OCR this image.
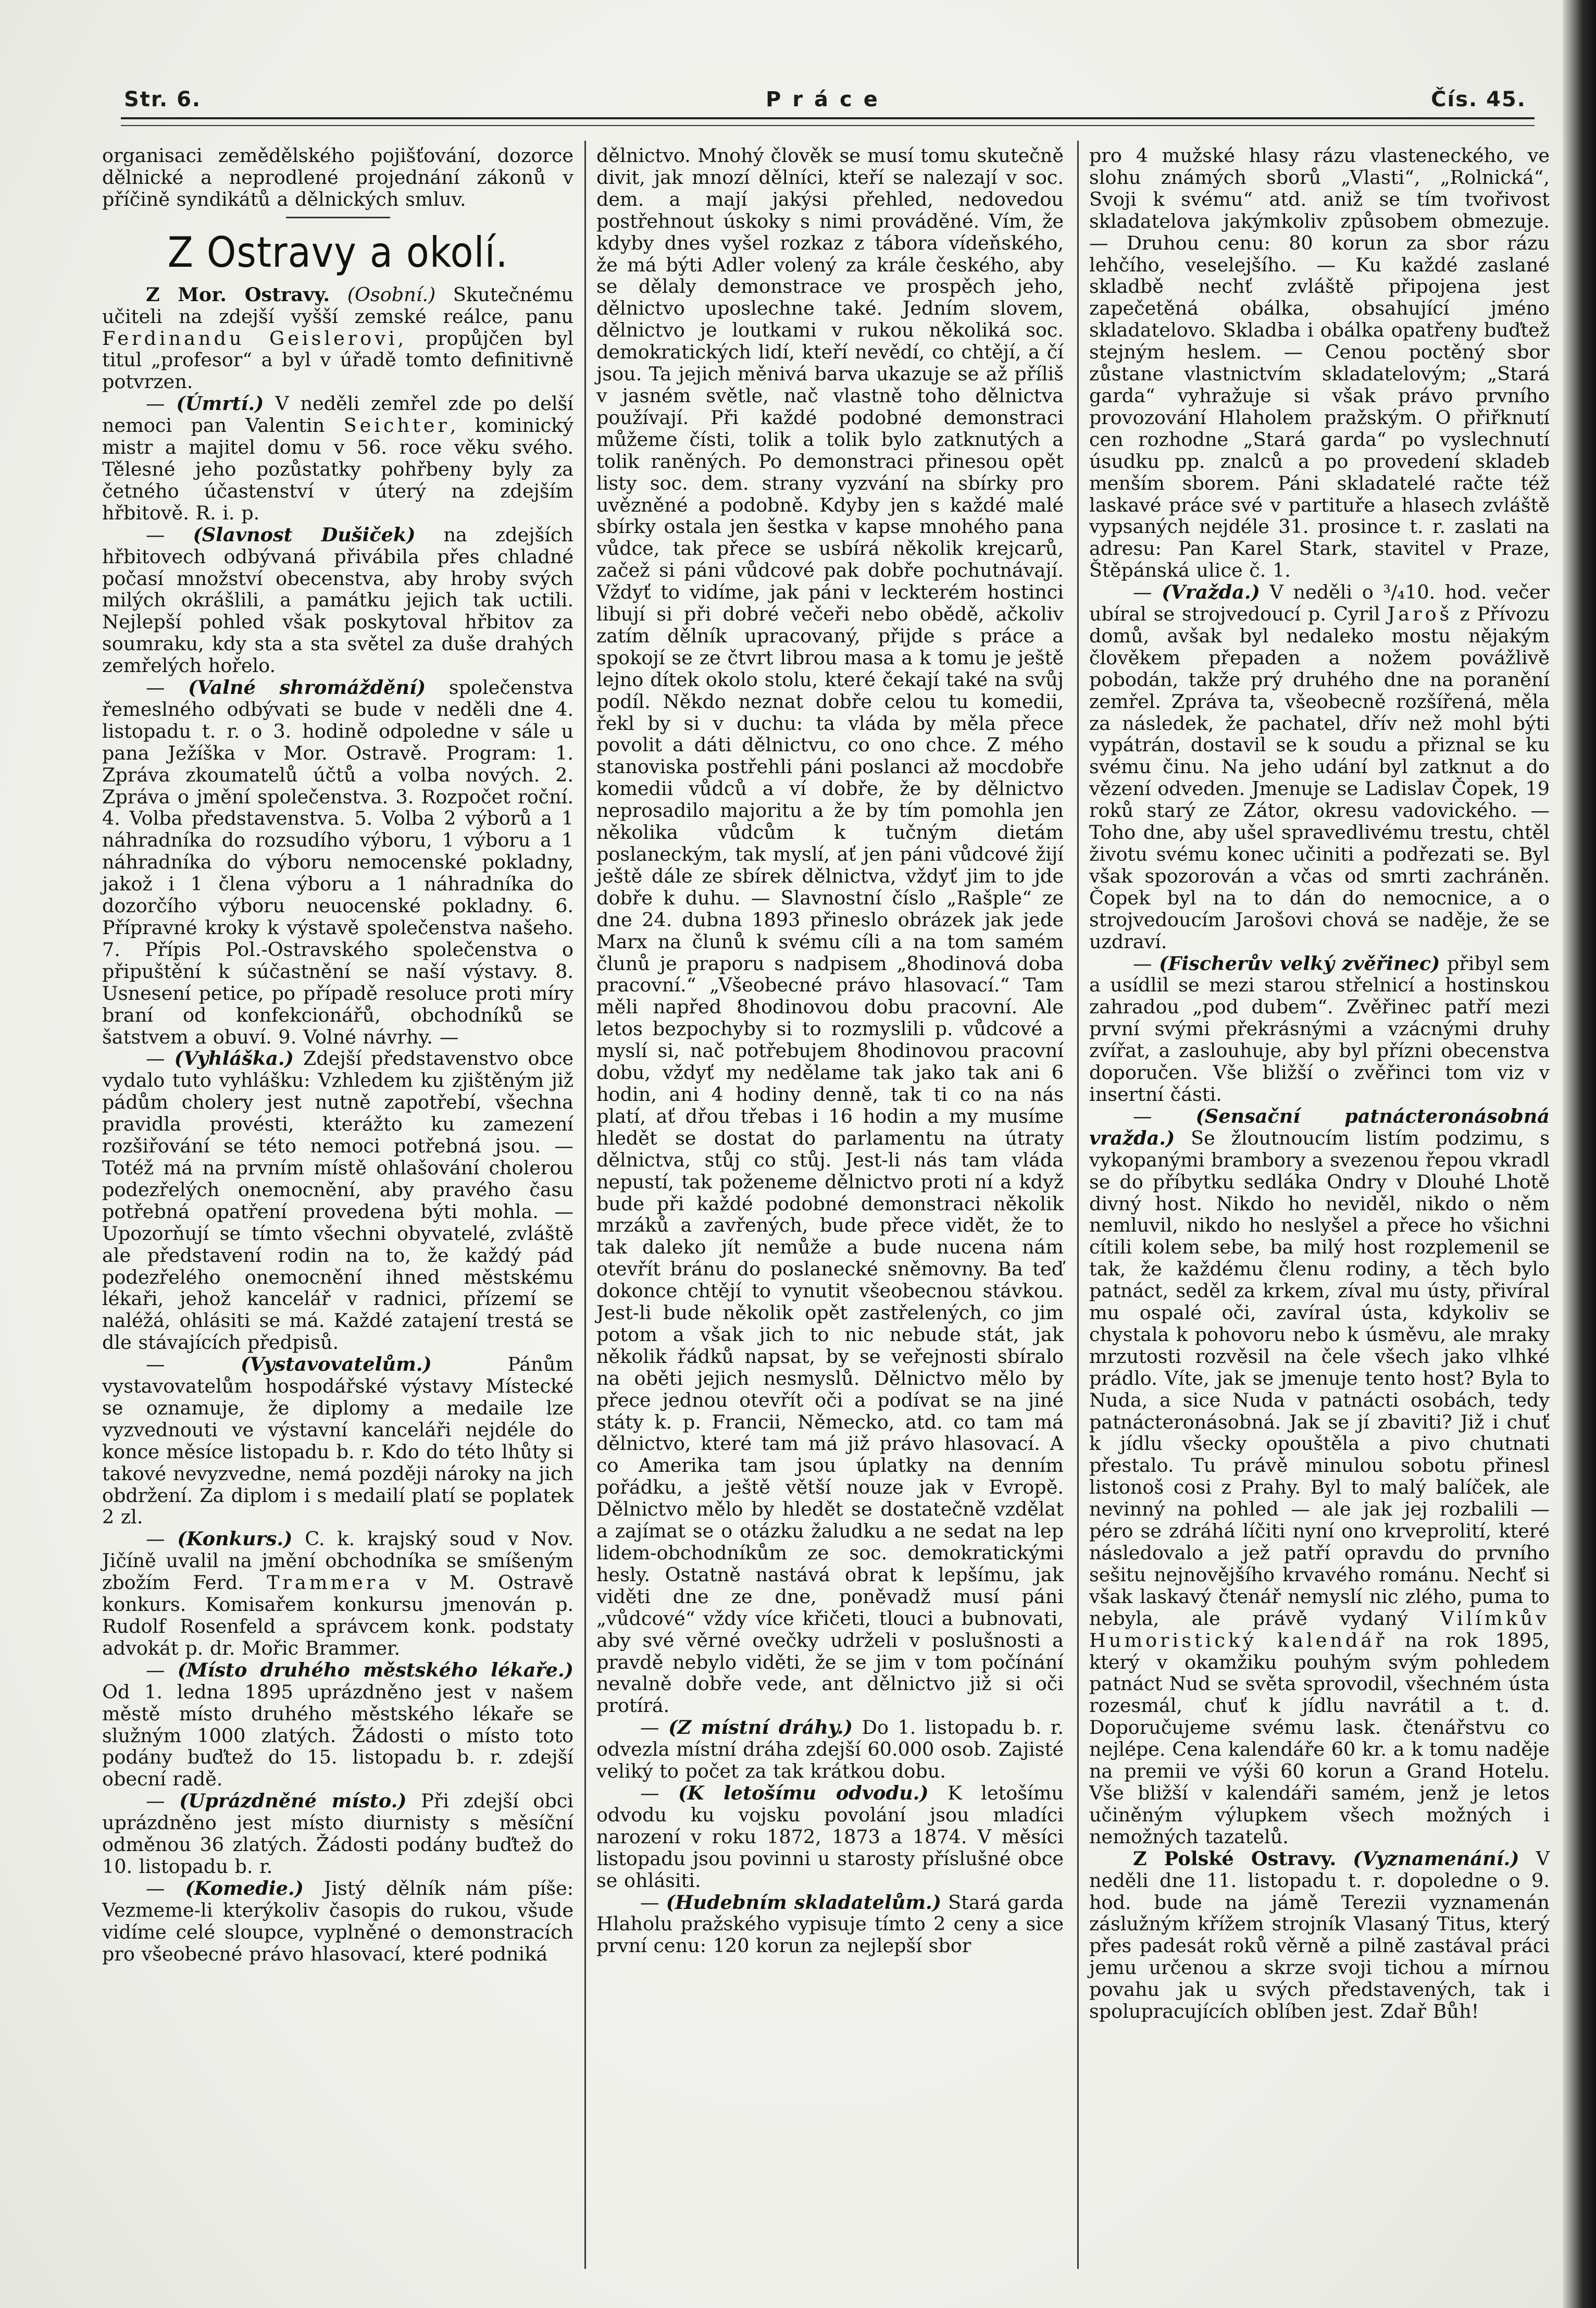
Str. 6.	Práce	Čís. 45.

organisaci zemědělského pojišťování, dozorce dělnické a neprodlené projednání zákonů v příčině syndikátů a dělnických smluv.

Z Ostravy a okolí.

Z Mor. Ostravy. (Osobní.) Skutečnému učiteli na zdejší vyšší zemské reálce, panu Ferdinandu Geislerovi, propůjčen byl titul „profesor“ a byl v úřadě tomto definitivně potvrzen.

— (Úmrtí.) V neděli zemřel zde po delší nemoci pan Valentin Seichter, kominický mistr a majitel domu v 56. roce věku svého. Tělesné jeho pozůstatky pohřbeny byly za četného účastenství v úterý na zdejším hřbitově. R. i. p.

— (Slavnost Dušiček) na zdejších hřbitovech odbývaná přivábila přes chladné počasí množství obecenstva, aby hroby svých milých okrášlili, a památku jejich tak uctili. Nejlepší pohled však poskytoval hřbitov za soumraku, kdy sta a sta světel za duše drahých zemřelých hořelo.

— (Valné shromáždění) společenstva řemeslného odbývati se bude v neděli dne 4. listopadu t. r. o 3. hodině odpoledne v sále u pana Ježíška v Mor. Ostravě. Program: 1. Zpráva zkoumatelů účtů a volba nových. 2. Zpráva o jmění společenstva. 3. Rozpočet roční. 4. Volba představenstva. 5. Volba 2 výborů a 1 náhradníka do rozsudího výboru, 1 výboru a 1 náhradníka do výboru nemocenské pokladny, jakož i 1 člena výboru a 1 náhradníka do dozorčího výboru neuocenské pokladny. 6. Přípravné kroky k výstavě společenstva našeho. 7. Přípis Pol.-Ostravského společenstva o připuštění k súčastnění se naší výstavy. 8. Usnesení petice, po případě resoluce proti míry braní od konfekcionářů, obchodníků se šatstvem a obuví. 9. Volné návrhy. —

— (Vyhláška.) Zdejší představenstvo obce vydalo tuto vyhlášku: Vzhledem ku zjištěným již pádům cholery jest nutně zapotřebí, všechna pravidla provésti, kterážto ku zamezení rozšiřování se této nemoci potřebná jsou. — Totéž má na prvním místě ohlašování cholerou podezřelých onemocnění, aby pravého času potřebná opatření provedena býti mohla. — Upozorňují se tímto všechni obyvatelé, zvláště ale představení rodin na to, že každý pád podezřelého onemocnění ihned městskému lékaři, jehož kancelář v radnici, přízemí se naléžá, ohlásiti se má. Každé zatajení trestá se dle stávajících předpisů.

— (Vystavovatelům.) Pánům vystavovatelům hospodářské výstavy Místecké se oznamuje, že diplomy a medaile lze vyzvednouti ve výstavní kanceláři nejdéle do konce měsíce listopadu b. r. Kdo do této lhůty si takové nevyzvedne, nemá později nároky na jich obdržení. Za diplom i s medailí platí se poplatek 2 zl.

— (Konkurs.) C. k. krajský soud v Nov. Jičíně uvalil na jmění obchodníka se smíšeným zbožím Ferd. Trammera v M. Ostravě konkurs. Komisařem konkursu jmenován p. Rudolf Rosenfeld a správcem konk. podstaty advokát p. dr. Mořic Brammer.

— (Místo druhého městského lékaře.) Od 1. ledna 1895 uprázdněno jest v našem městě místo druhého městského lékaře se služným 1000 zlatých. Žádosti o místo toto podány buďtež do 15. listopadu b. r. zdejší obecní radě.

— (Uprázdněné místo.) Při zdejší obci uprázdněno jest místo diurnisty s měsíční odměnou 36 zlatých. Žádosti podány buďtež do 10. listopadu b. r.

— (Komedie.) Jistý dělník nám píše: Vezmeme-li kterýkoliv časopis do rukou, všude vidíme celé sloupce, vyplněné o demonstracích pro všeobecné právo hlasovací, které podniká

dělnictvo. Mnohý člověk se musí tomu skutečně divit, jak mnozí dělníci, kteří se nalezají v soc. dem. a mají jakýsi přehled, nedovedou postřehnout úskoky s nimi prováděné. Vím, že kdyby dnes vyšel rozkaz z tábora vídeňského, že má býti Adler volený za krále českého, aby se dělaly demonstrace ve prospěch jeho, dělnictvo uposlechne také. Jedním slovem, dělnictvo je loutkami v rukou několiká soc. demokratických lidí, kteří nevědí, co chtějí, a čí jsou. Ta jejich měnivá barva ukazuje se až příliš v jasném světle, nač vlastně toho dělnictva používají. Při každé podobné demonstraci můžeme čísti, tolik a tolik bylo zatknutých a tolik raněných. Po demonstraci přinesou opět listy soc. dem. strany vyzvání na sbírky pro uvězněné a podobně. Kdyby jen s každé malé sbírky ostala jen šestka v kapse mnohého pana vůdce, tak přece se usbírá několik krejcarů, začež si páni vůdcové pak dobře pochutnávají. Vždyť to vidíme, jak páni v leckterém hostinci libují si při dobré večeři nebo obědě, ačkoliv zatím dělník upracovaný, přijde s práce a spokojí se ze čtvrt librou masa a k tomu je ještě lejno dítek okolo stolu, které čekají také na svůj podíl. Někdo neznat dobře celou tu komedii, řekl by si v duchu: ta vláda by měla přece povolit a dáti dělnictvu, co ono chce. Z mého stanoviska postřehli páni poslanci až mocdobře komedii vůdců a ví dobře, že by dělnictvo neprosadilo majoritu a že by tím pomohla jen několika vůdcům k tučným dietám poslaneckým, tak myslí, ať jen páni vůdcové žijí ještě dále ze sbírek dělnictva, vždyť jim to jde dobře k duhu. — Slavnostní číslo „Rašple“ ze dne 24. dubna 1893 přineslo obrázek jak jede Marx na člunů k svému cíli a na tom samém člunů je praporu s nadpisem „8hodinová doba pracovní.“ „Všeobecné právo hlasovací.“ Tam měli napřed 8hodinovou dobu pracovní. Ale letos bezpochyby si to rozmyslili p. vůdcové a myslí si, nač potřebujem 8hodinovou pracovní dobu, vždyť my nedělame tak jako tak ani 6 hodin, ani 4 hodiny denně, tak ti co na nás platí, ať dřou třebas i 16 hodin a my musíme hledět se dostat do parlamentu na útraty dělnictva, stůj co stůj. Jest-li nás tam vláda nepustí, tak poženeme dělnictvo proti ní a když bude při každé podobné demonstraci několik mrzáků a zavřených, bude přece vidět, že to tak daleko jít nemůže a bude nucena nám otevřít bránu do poslanecké sněmovny. Ba teď dokonce chtějí to vynutit všeobecnou stávkou. Jest-li bude několik opět zastřelených, co jim potom a však jich to nic nebude stát, jak několik řádků napsat, by se veřejnosti sbíralo na oběti jejich nesmyslů. Dělnictvo mělo by přece jednou otevřít oči a podívat se na jiné státy k. p. Francii, Německo, atd. co tam má dělnictvo, které tam má již právo hlasovací. A co Amerika tam jsou úplatky na denním pořádku, a ještě větší nouze jak v Evropě. Dělnictvo mělo by hledět se dostatečně vzdělat a zajímat se o otázku žaludku a ne sedat na lep lidem-obchodníkům ze soc. demokratickými hesly. Ostatně nastává obrat k lepšímu, jak viděti dne ze dne, poněvadž musí páni „vůdcové“ vždy více křičeti, tlouci a bubnovati, aby své věrné ovečky udrželi v poslušnosti a pravdě nebylo viděti, že se jim v tom počínání nevalně dobře vede, ant dělnictvo již si oči protírá.

— (Z místní dráhy.) Do 1. listopadu b. r. odvezla místní dráha zdejší 60.000 osob. Zajisté veliký to počet za tak krátkou dobu.

— (K letošímu odvodu.) K letošímu odvodu ku vojsku povolání jsou mladíci narození v roku 1872, 1873 a 1874. V měsíci listopadu jsou povinni u starosty příslušné obce se ohlásiti.

— (Hudebním skladatelům.) Stará garda Hlaholu pražského vypisuje tímto 2 ceny a sice první cenu: 120 korun za nejlepší sbor

pro 4 mužské hlasy rázu vlasteneckého, ve slohu známých sborů „Vlasti“, „Rolnická“, Svoji k svému“ atd. aniž se tím tvořivost skladatelova jakýmkoliv způsobem obmezuje. — Druhou cenu: 80 korun za sbor rázu lehčího, veselejšího. — Ku každé zaslané skladbě nechť zvláště připojena jest zapečetěná obálka, obsahující jméno skladatelovo. Skladba i obálka opatřeny buďtež stejným heslem. — Cenou poctěný sbor zůstane vlastnictvím skladatelovým; „Stará garda“ vyhražuje si však právo prvního provozování Hlaholem pražským. O přiřknutí cen rozhodne „Stará garda“ po vyslechnutí úsudku pp. znalců a po provedení skladeb menším sborem. Páni skladatelé račte též laskavé práce své v partituře a hlasech zvláště vypsaných nejdéle 31. prosince t. r. zaslati na adresu: Pan Karel Stark, stavitel v Praze, Štěpánská ulice č. 1.

— (Vražda.) V neděli o ³/₄10. hod. večer ubíral se strojvedoucí p. Cyril Jaroš z Přívozu domů, avšak byl nedaleko mostu nějakým člověkem přepaden a nožem povážlivě pobodán, takže prý druhého dne na poranění zemřel. Zpráva ta, všeobecně rozšířená, měla za následek, že pachatel, dřív než mohl býti vypátrán, dostavil se k soudu a přiznal se ku svému činu. Na jeho udání byl zatknut a do vězení odveden. Jmenuje se Ladislav Čopek, 19 roků starý ze Zátor, okresu vadovického. — Toho dne, aby ušel spravedlivému trestu, chtěl životu svému konec učiniti a podřezati se. Byl však spozorován a včas od smrti zachráněn. Čopek byl na to dán do nemocnice, a o strojvedoucím Jarošovi chová se naděje, že se uzdraví.

— (Fischerův velký zvěřinec) přibyl sem a usídlil se mezi starou střelnicí a hostinskou zahradou „pod dubem“. Zvěřinec patří mezi první svými překrásnými a vzácnými druhy zvířat, a zaslouhuje, aby byl přízni obecenstva doporučen. Vše bližší o zvěřinci tom viz v insertní části.

— (Sensační patnácteronásobná vražda.) Se žloutnoucím listím podzimu, s vykopanými brambory a svezenou řepou vkradl se do příbytku sedláka Ondry v Dlouhé Lhotě divný host. Nikdo ho neviděl, nikdo o něm nemluvil, nikdo ho neslyšel a přece ho všichni cítili kolem sebe, ba milý host rozplemenil se tak, že každému členu rodiny, a těch bylo patnáct, seděl za krkem, zíval mu ústy, přivíral mu ospalé oči, zavíral ústa, kdykoliv se chystala k pohovoru nebo k úsměvu, ale mraky mrzutosti rozvěsil na čele všech jako vlhké prádlo. Víte, jak se jmenuje tento host? Byla to Nuda, a sice Nuda v patnácti osobách, tedy patnácteronásobná. Jak se jí zbaviti? Již i chuť k jídlu všecky opouštěla a pivo chutnati přestalo. Tu právě minulou sobotu přinesl listonoš cosi z Prahy. Byl to malý balíček, ale nevinný na pohled — ale jak jej rozbalili — péro se zdráhá líčiti nyní ono krveprolití, které následovalo a jež patří opravdu do prvního sešitu nejnovějšího krvavého románu. Nechť si však laskavý čtenář nemyslí nic zlého, puma to nebyla, ale právě vydaný Vilímkův Humoristický kalendář na rok 1895, který v okamžiku pouhým svým pohledem patnáct Nud se světa sprovodil, všechném ústa rozesmál, chuť k jídlu navrátil a t. d. Doporučujeme svému lask. čtenářstvu co nejlépe. Cena kalendáře 60 kr. a k tomu naděje na premii ve výši 60 korun a Grand Hotelu. Vše bližší v kalendáři samém, jenž je letos učiněným výlupkem všech možných i nemožných tazatelů.

Z Polské Ostravy. (Vyznamenání.) V neděli dne 11. listopadu t. r. dopoledne o 9. hod. bude na jámě Terezii vyznamenán záslužným křížem strojník Vlasaný Titus, který přes padesát roků věrně a pilně zastával práci jemu určenou a skrze svoji tichou a mírnou povahu jak u svých představených, tak i spolupracujících oblíben jest. Zdař Bůh!
